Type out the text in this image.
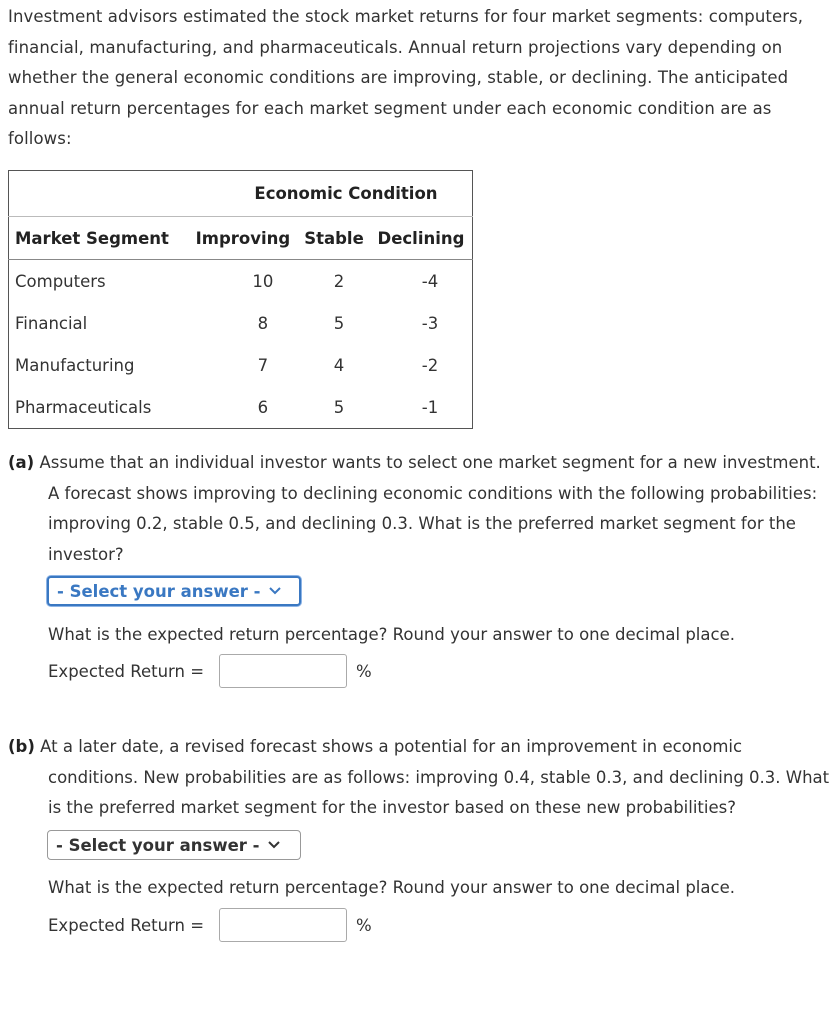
Investment advisors estimated the stock market returns for four market segments: computers, financial, manufacturing, and pharmaceuticals. Annual return projections vary depending on whether the general economic conditions are improving, stable, or declining. The anticipated annual return percentages for each market segment under each economic condition are as follows:
Economic Condition			
Market Segment	Improving	Stable	Declining
Computers	10	2	-4
Financial	8	5	-3
Manufacturing	7	4	-2
Pharmaceuticals	6	5	-1
(a) Assume that an individual investor wants to select one market segment for a new investment. A forecast shows improving to declining economic conditions with the following probabilities: improving 0.2, stable 0.5, and declining 0.3. What is the preferred market segment for the investor?
- Select your answer -
What is the expected return percentage? Round your answer to one decimal place.
Expected Return =	%
(b) At a later date, a revised forecast shows a potential for an improvement in economic conditions. New probabilities are as follows: improving 0.4, stable 0.3, and declining 0.3. What is the preferred market segment for the investor based on these new probabilities?
- Select your answer -
What is the expected return percentage? Round your answer to one decimal place.
Expected Return =	%
